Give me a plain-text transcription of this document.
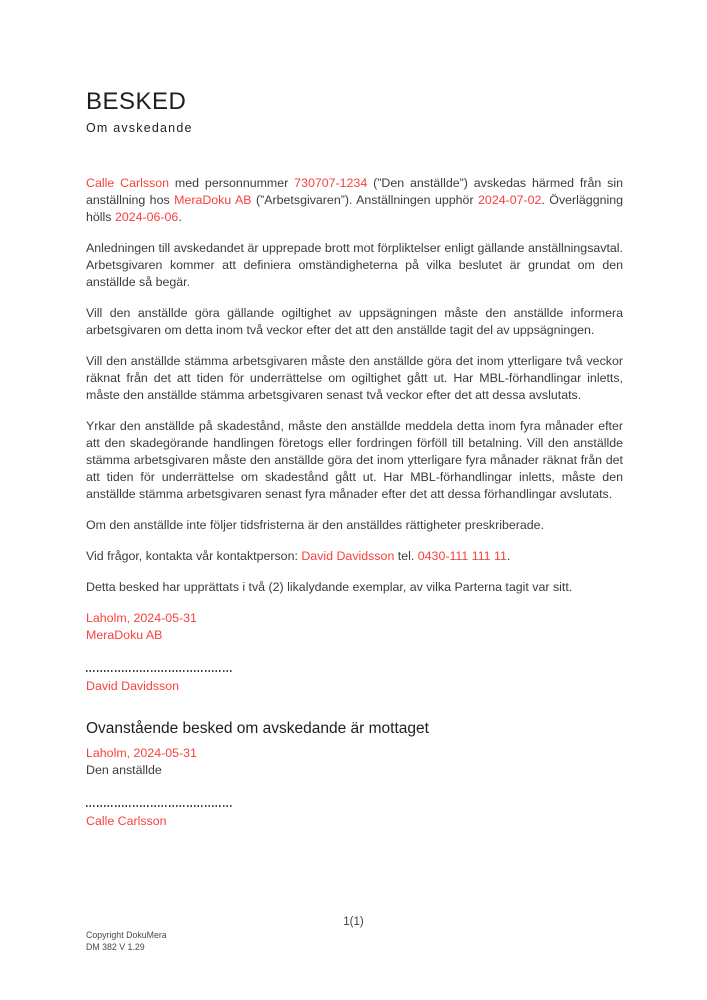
BESKED
Om avskedande

Calle Carlsson med personnummer 730707-1234 (”Den anställde”) avskedas härmed från sin anställning hos MeraDoku AB (”Arbetsgivaren”). Anställningen upphör 2024-07-02. Överläggning hölls 2024-06-06.

Anledningen till avskedandet är upprepade brott mot förpliktelser enligt gällande anställningsavtal. Arbetsgivaren kommer att definiera omständigheterna på vilka beslutet är grundat om den anställde så begär.

Vill den anställde göra gällande ogiltighet av uppsägningen måste den anställde informera arbetsgivaren om detta inom två veckor efter det att den anställde tagit del av uppsägningen.

Vill den anställde stämma arbetsgivaren måste den anställde göra det inom ytterligare två veckor räknat från det att tiden för underrättelse om ogiltighet gått ut. Har MBL-förhandlingar inletts, måste den anställde stämma arbetsgivaren senast två veckor efter det att dessa avslutats.

Yrkar den anställde på skadestånd, måste den anställde meddela detta inom fyra månader efter att den skadegörande handlingen företogs eller fordringen förföll till betalning. Vill den anställde stämma arbetsgivaren måste den anställde göra det inom ytterligare fyra månader räknat från det att tiden för underrättelse om skadestånd gått ut. Har MBL-förhandlingar inletts, måste den anställde stämma arbetsgivaren senast fyra månader efter det att dessa förhandlingar avslutats.

Om den anställde inte följer tidsfristerna är den anställdes rättigheter preskriberade.

Vid frågor, kontakta vår kontaktperson: David Davidsson tel. 0430-111 111 11.

Detta besked har upprättats i två (2) likalydande exemplar, av vilka Parterna tagit var sitt.

Laholm, 2024-05-31
MeraDoku AB
David Davidsson
Ovanstående besked om avskedande är mottaget
Laholm, 2024-05-31
Den anställde
Calle Carlsson
1(1)
Copyright DokuMera
DM 382 V 1.29
